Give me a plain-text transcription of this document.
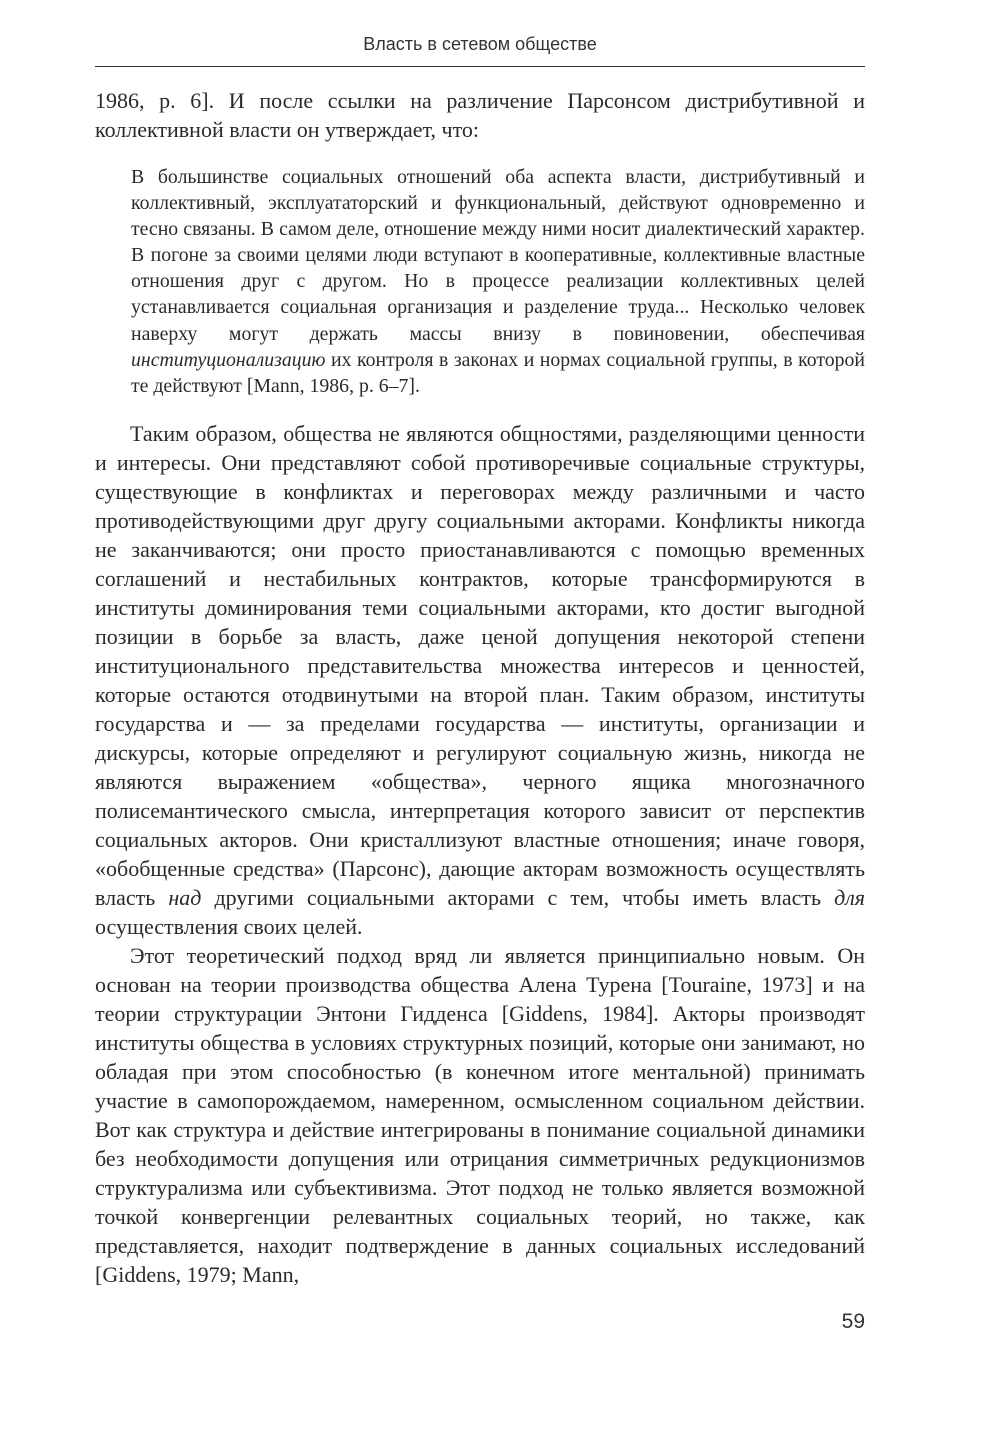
Власть в сетевом обществе

1986, p. 6]. И после ссылки на различение Парсонсом дистрибутивной и коллективной власти он утверждает, что:

В большинстве социальных отношений оба аспекта власти, дистрибутивный и коллективный, эксплуататорский и функциональный, действуют одновременно и тесно связаны. В самом деле, отношение между ними носит диалектический характер. В погоне за своими целями люди вступают в кооперативные, коллективные властные отношения друг с другом. Но в процессе реализации коллективных целей устанавливается социальная организация и разделение труда... Несколько человек наверху могут держать массы внизу в повиновении, обеспечивая институционализацию их контроля в законах и нормах социальной группы, в которой те действуют [Mann, 1986, p. 6–7].

Таким образом, общества не являются общностями, разделяющими ценности и интересы. Они представляют собой противоречивые социальные структуры, существующие в конфликтах и переговорах между различными и часто противодействующими друг другу социальными акторами. Конфликты никогда не заканчиваются; они просто приостанавливаются с помощью временных соглашений и нестабильных контрактов, которые трансформируются в институты доминирования теми социальными акторами, кто достиг выгодной позиции в борьбе за власть, даже ценой допущения некоторой степени институционального представительства множества интересов и ценностей, которые остаются отодвинутыми на второй план. Таким образом, институты государства и — за пределами государства — институты, организации и дискурсы, которые определяют и регулируют социальную жизнь, никогда не являются выражением «общества», черного ящика многозначного полисемантического смысла, интерпретация которого зависит от перспектив социальных акторов. Они кристаллизуют властные отношения; иначе говоря, «обобщенные средства» (Парсонс), дающие акторам возможность осуществлять власть над другими социальными акторами с тем, чтобы иметь власть для осуществления своих целей.

Этот теоретический подход вряд ли является принципиально новым. Он основан на теории производства общества Алена Турена [Touraine, 1973] и на теории структурации Энтони Гидденса [Giddens, 1984]. Акторы производят институты общества в условиях структурных позиций, которые они занимают, но обладая при этом способностью (в конечном итоге ментальной) принимать участие в самопорождаемом, намеренном, осмысленном социальном действии. Вот как структура и действие интегрированы в понимание социальной динамики без необходимости допущения или отрицания симметричных редукционизмов структурализма или субъективизма. Этот подход не только является возможной точкой конвергенции релевантных социальных теорий, но также, как представляется, находит подтверждение в данных социальных исследований [Giddens, 1979; Mann,

59
